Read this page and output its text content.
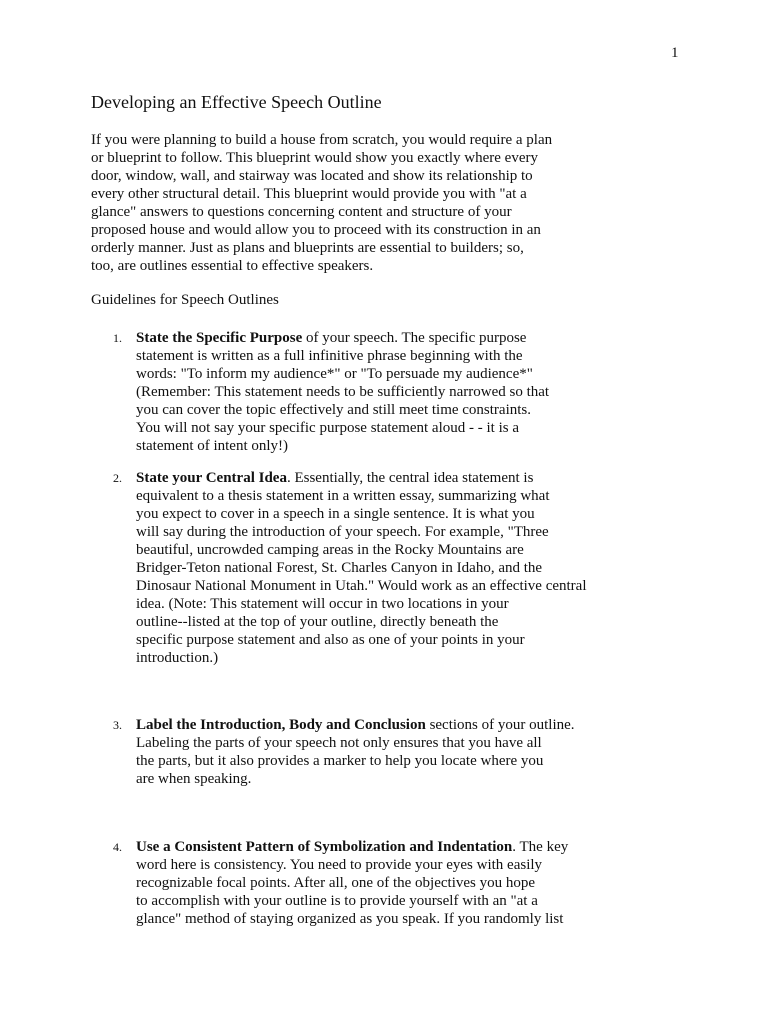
1
Developing an Effective Speech Outline

If you were planning to build a house from scratch, you would require a plan
or blueprint to follow. This blueprint would show you exactly where every
door, window, wall, and stairway was located and show its relationship to
every other structural detail. This blueprint would provide you with "at a
glance" answers to questions concerning content and structure of your
proposed house and would allow you to proceed with its construction in an
orderly manner. Just as plans and blueprints are essential to builders; so,
too, are outlines essential to effective speakers.

Guidelines for Speech Outlines

1. State the Specific Purpose of your speech. The specific purpose
statement is written as a full infinitive phrase beginning with the
words: "To inform my audience*" or "To persuade my audience*"
(Remember: This statement needs to be sufficiently narrowed so that
you can cover the topic effectively and still meet time constraints.
You will not say your specific purpose statement aloud - - it is a
statement of intent only!)
2. State your Central Idea. Essentially, the central idea statement is
equivalent to a thesis statement in a written essay, summarizing what
you expect to cover in a speech in a single sentence. It is what you
will say during the introduction of your speech. For example, "Three
beautiful, uncrowded camping areas in the Rocky Mountains are
Bridger-Teton national Forest, St. Charles Canyon in Idaho, and the
Dinosaur National Monument in Utah." Would work as an effective central
idea. (Note: This statement will occur in two locations in your
outline--listed at the top of your outline, directly beneath the
specific purpose statement and also as one of your points in your
introduction.)
3. Label the Introduction, Body and Conclusion sections of your outline.
Labeling the parts of your speech not only ensures that you have all
the parts, but it also provides a marker to help you locate where you
are when speaking.
4. Use a Consistent Pattern of Symbolization and Indentation. The key
word here is consistency. You need to provide your eyes with easily
recognizable focal points. After all, one of the objectives you hope
to accomplish with your outline is to provide yourself with an "at a
glance" method of staying organized as you speak. If you randomly list
